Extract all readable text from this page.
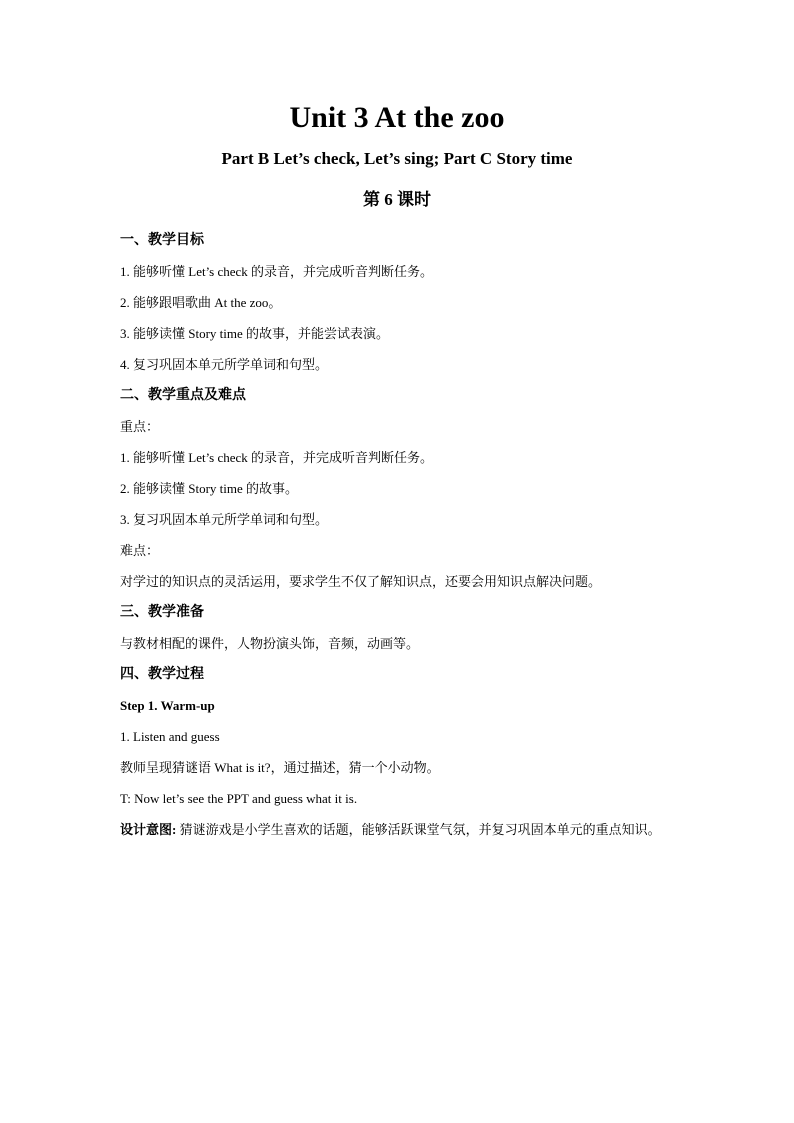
Unit 3 At the zoo
Part B Let’s check, Let’s sing; Part C Story time
第 6 课时
一、教学目标
1. 能够听懂 Let’s check 的录音，并完成听音判断任务。
2. 能够跟唱歌曲 At the zoo。
3. 能够读懂 Story time 的故事，并能尝试表演。
4. 复习巩固本单元所学单词和句型。
二、教学重点及难点
重点：
1. 能够听懂 Let’s check 的录音，并完成听音判断任务。
2. 能够读懂 Story time 的故事。
3. 复习巩固本单元所学单词和句型。
难点：
对学过的知识点的灵活运用，要求学生不仅了解知识点，还要会用知识点解决问题。
三、教学准备
与教材相配的课件，人物扮演头饰，音频，动画等。
四、教学过程
Step 1. Warm-up
1. Listen and guess
教师呈现猜谜语 What is it?，通过描述，猜一个小动物。
T: Now let’s see the PPT and guess what it is.
设计意图: 猜谜游戏是小学生喜欢的话题，能够活跃课堂气氛，并复习巩固本单元的重点知识。
